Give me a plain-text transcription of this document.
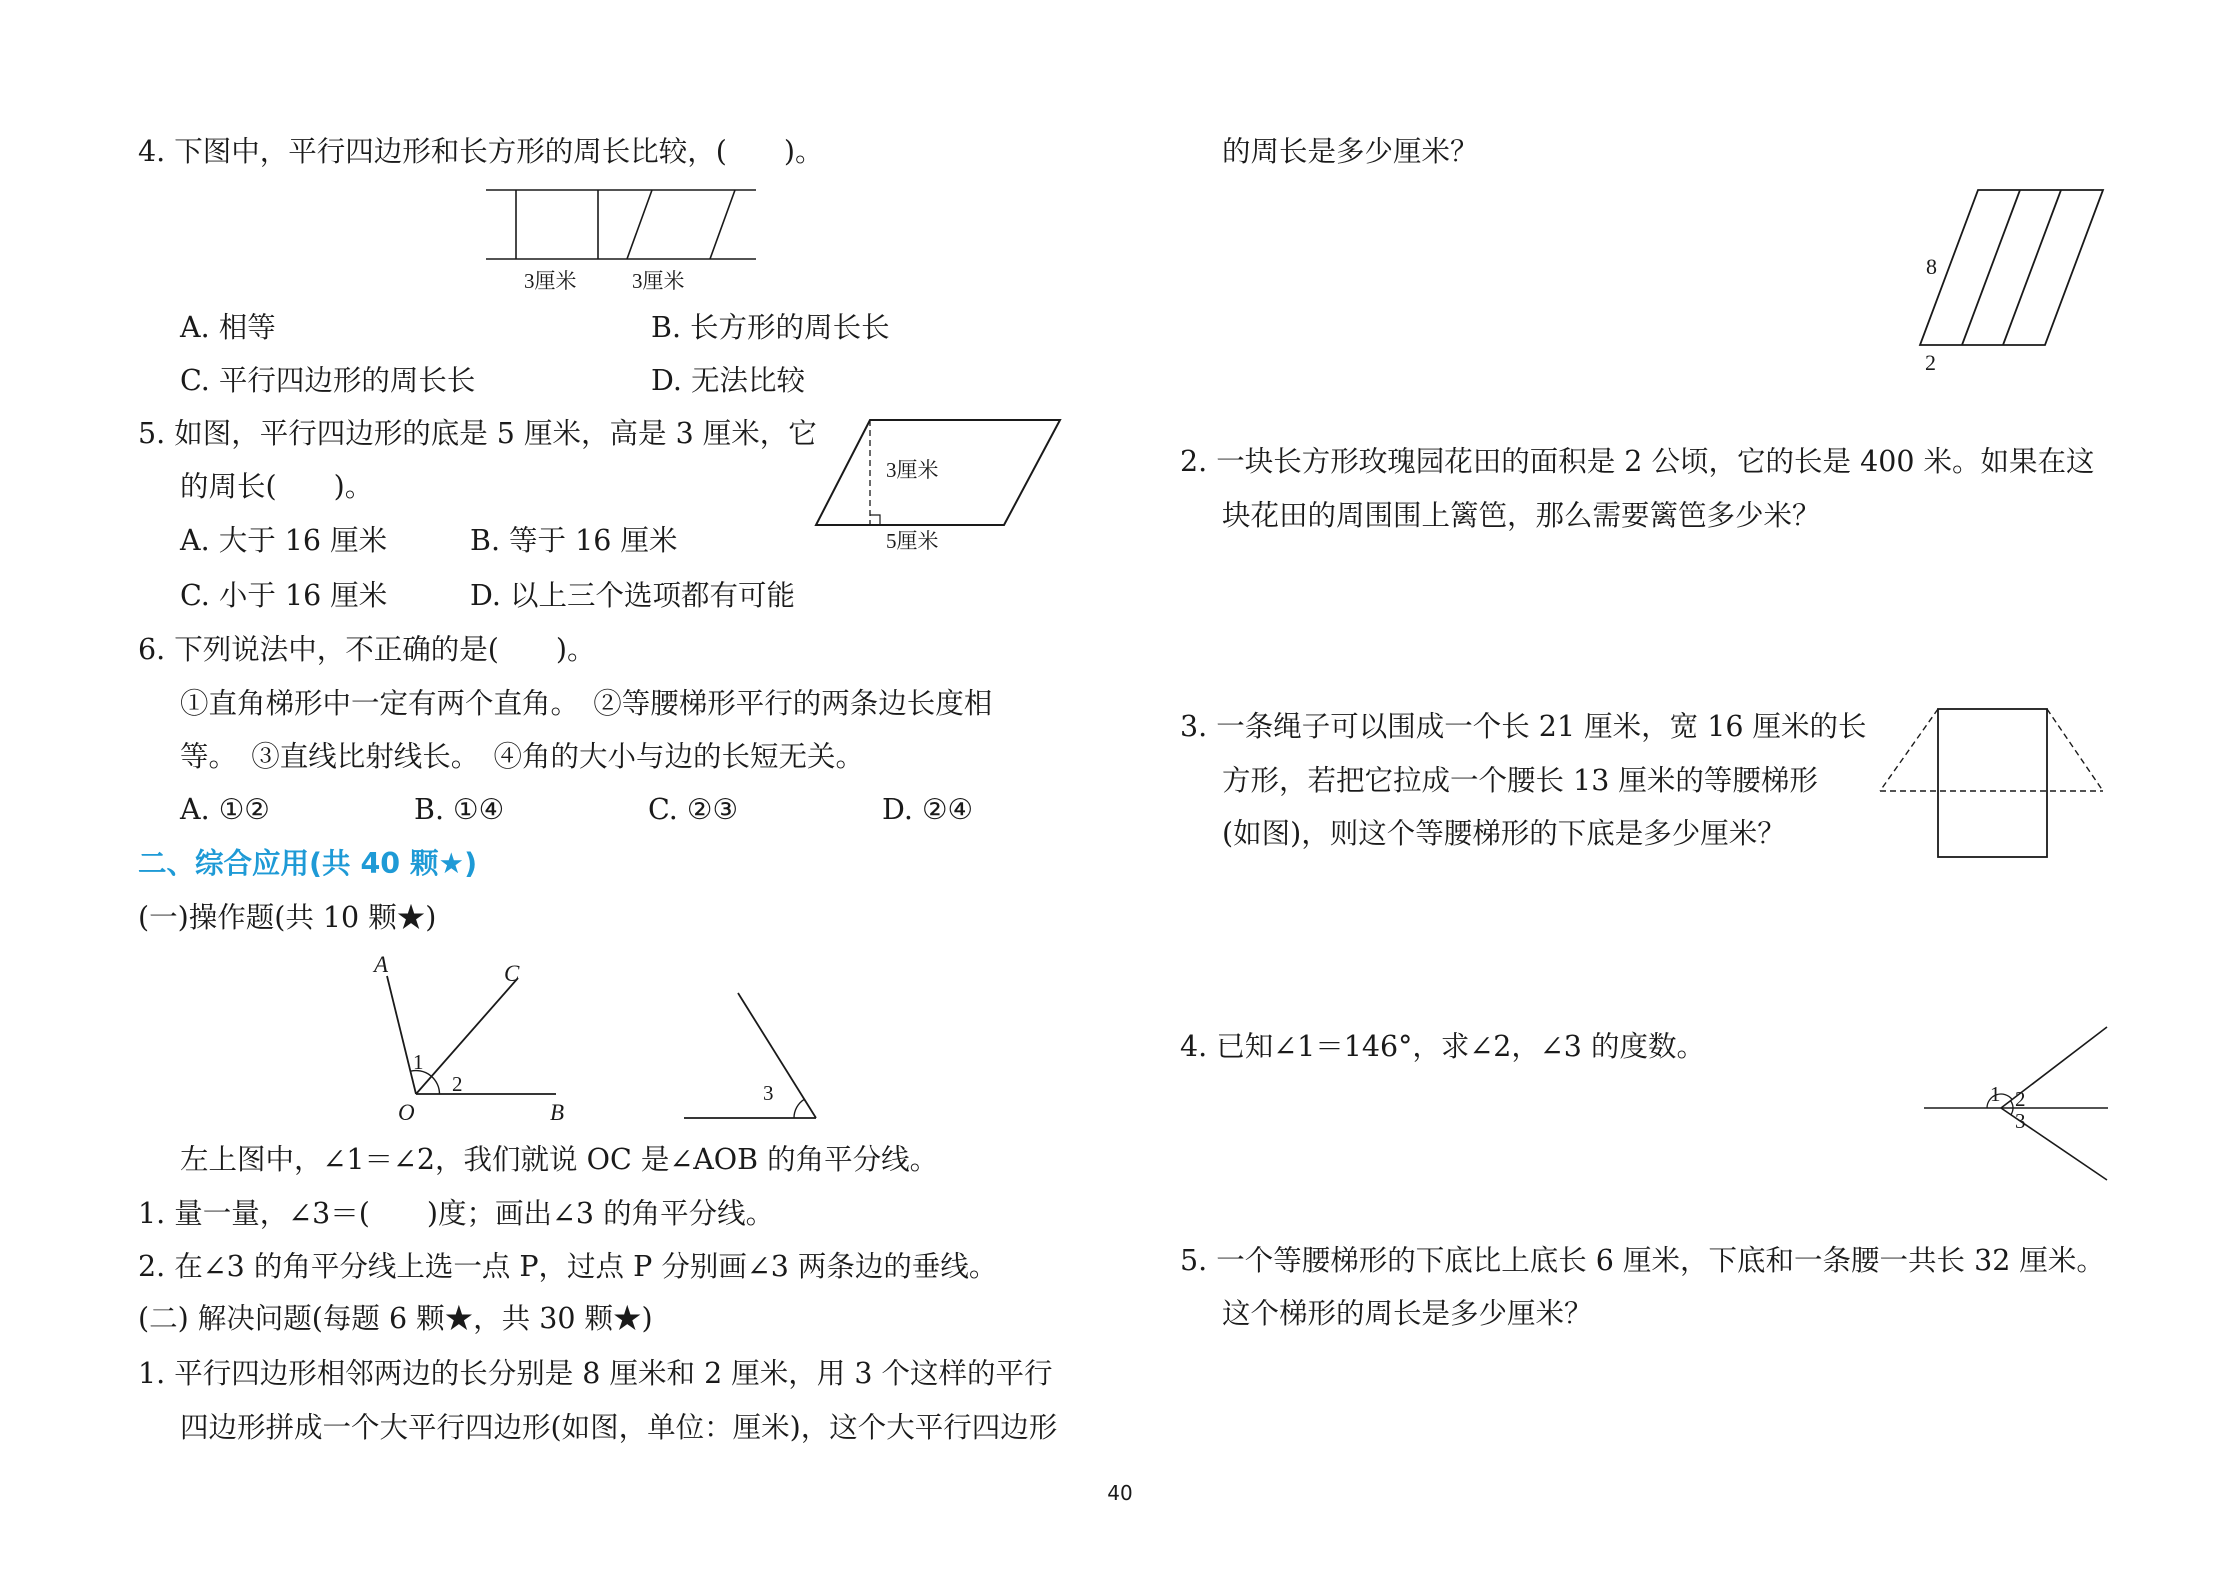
4. 下图中，平行四边形和长方形的周长比较，(　　)。
3厘米	3厘米
A. 相等	B. 长方形的周长长
C. 平行四边形的周长长	D. 无法比较
5. 如图，平行四边形的底是 5 厘米，高是 3 厘米，它
的周长(　　)。	3厘米
5厘米
A. 大于 16 厘米	B. 等于 16 厘米
C. 小于 16 厘米	D. 以上三个选项都有可能
6. 下列说法中，不正确的是(　　)。
①直角梯形中一定有两个直角。　②等腰梯形平行的两条边长度相
等。　③直线比射线长。　④角的大小与边的长短无关。
A. ①②	B. ①④	C. ②③	D. ②④
二、综合应用(共 40 颗★)
(一)操作题(共 10 颗★)
A	C
O	B
1
2	3
左上图中，∠1＝∠2，我们就说 OC 是∠AOB 的角平分线。
1. 量一量，∠3＝(　　)度；画出∠3 的角平分线。
2. 在∠3 的角平分线上选一点 P，过点 P 分别画∠3 两条边的垂线。
(二) 解决问题(每题 6 颗★，共 30 颗★)
1. 平行四边形相邻两边的长分别是 8 厘米和 2 厘米，用 3 个这样的平行
四边形拼成一个大平行四边形(如图，单位：厘米)，这个大平行四边形
的周长是多少厘米？
8
2
2. 一块长方形玫瑰园花田的面积是 2 公顷，它的长是 400 米。如果在这
块花田的周围围上篱笆，那么需要篱笆多少米？
3. 一条绳子可以围成一个长 21 厘米，宽 16 厘米的长
方形，若把它拉成一个腰长 13 厘米的等腰梯形
(如图)，则这个等腰梯形的下底是多少厘米？
4. 已知∠1＝146°，求∠2，∠3 的度数。
1 2
3
5. 一个等腰梯形的下底比上底长 6 厘米，下底和一条腰一共长 32 厘米。
这个梯形的周长是多少厘米？
40
